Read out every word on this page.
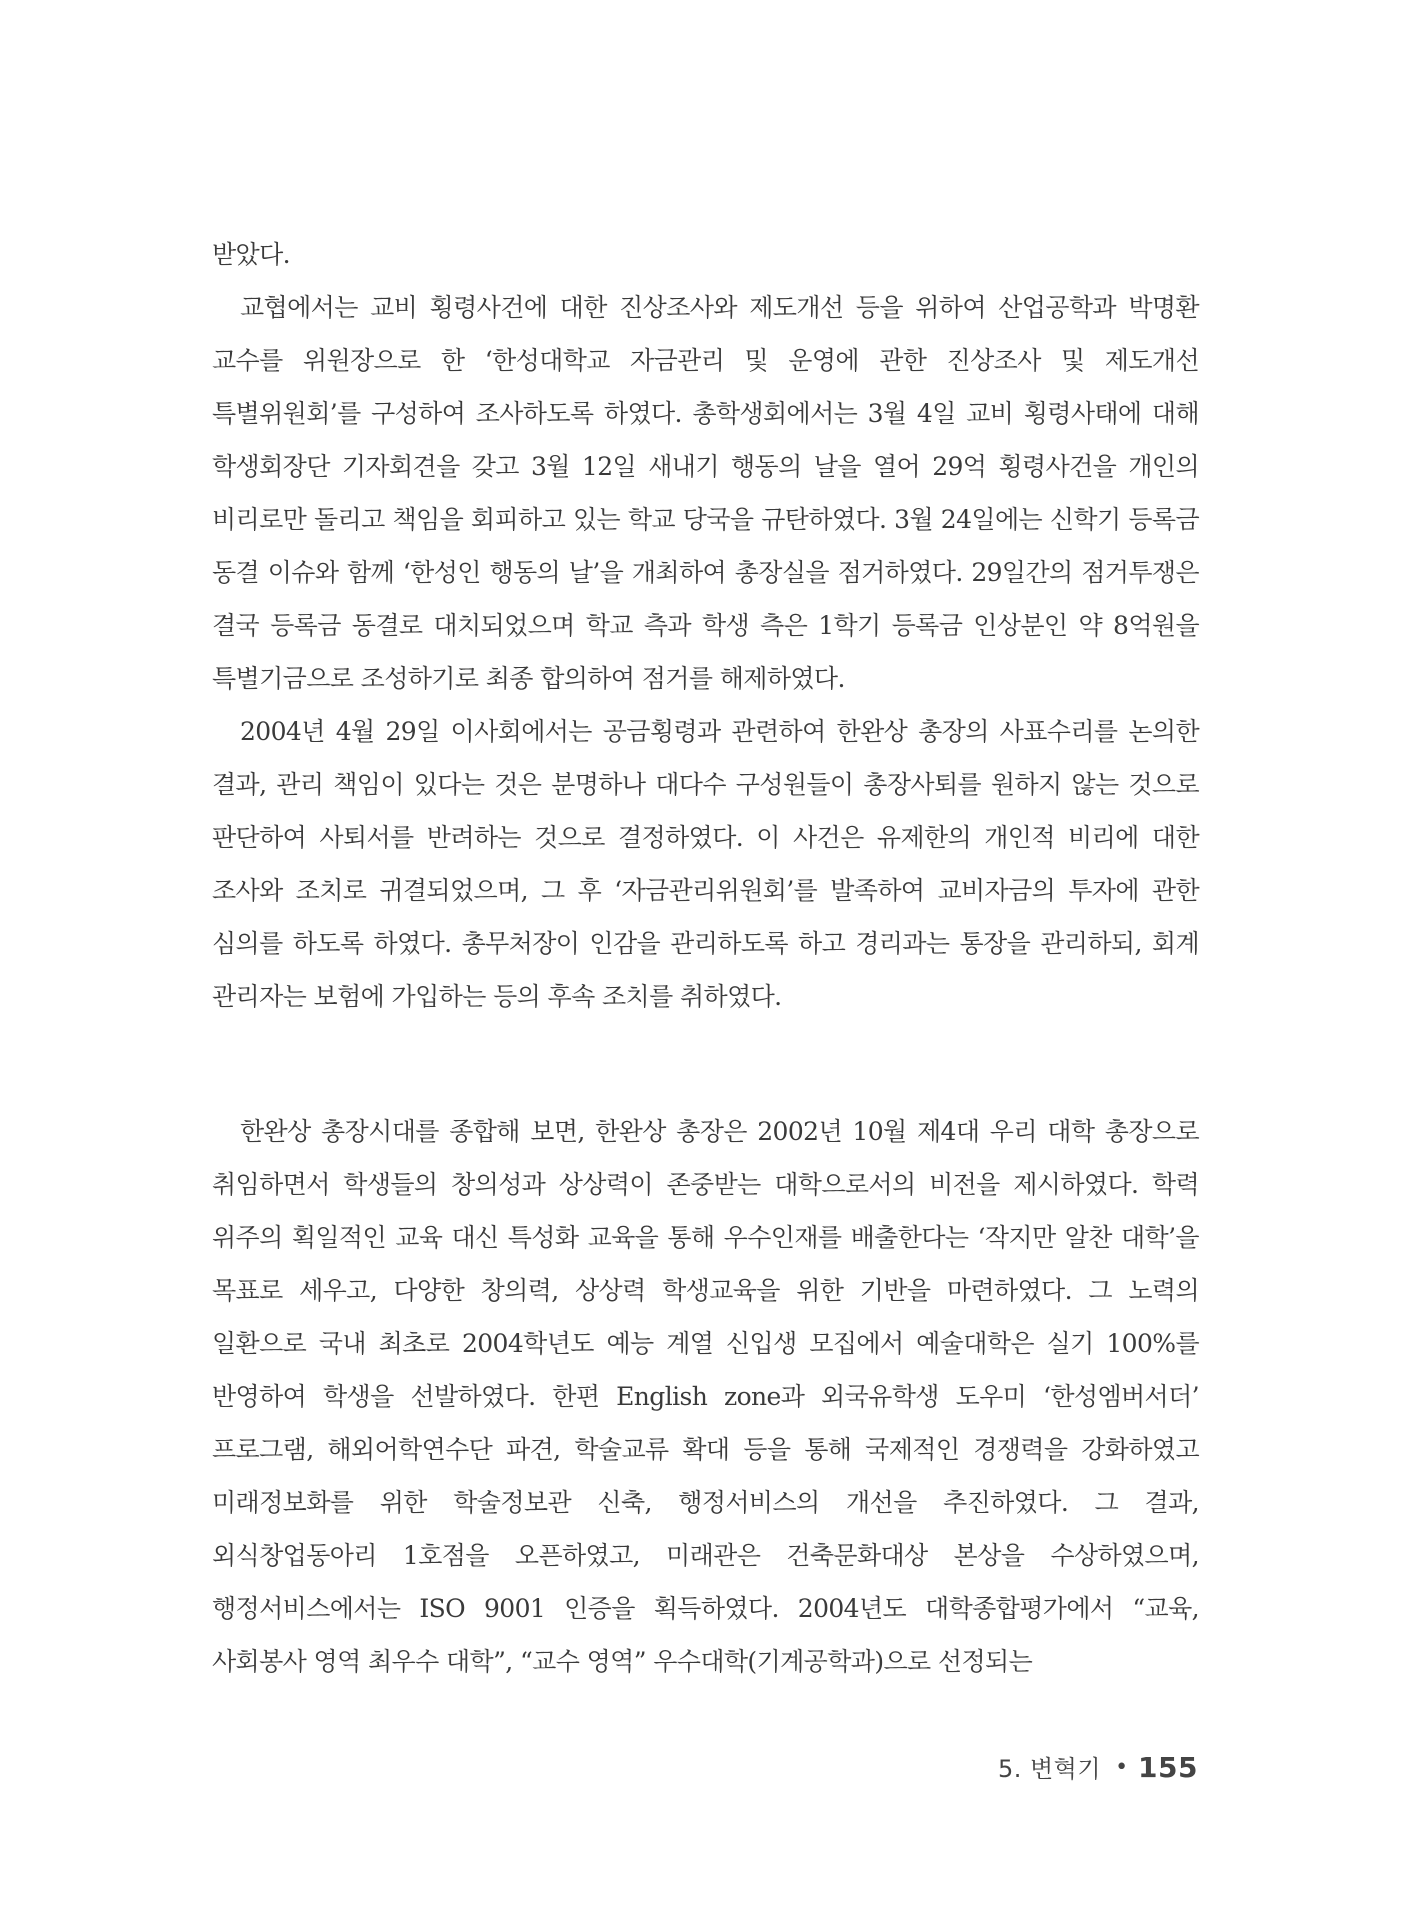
받았다.

교협에서는 교비 횡령사건에 대한 진상조사와 제도개선 등을 위하여 산업공학과 박명환 교수를 위원장으로 한 ‘한성대학교 자금관리 및 운영에 관한 진상조사 및 제도개선 특별위원회’를 구성하여 조사하도록 하였다. 총학생회에서는 3월 4일 교비 횡령사태에 대해 학생회장단 기자회견을 갖고 3월 12일 새내기 행동의 날을 열어 29억 횡령사건을 개인의 비리로만 돌리고 책임을 회피하고 있는 학교 당국을 규탄하였다. 3월 24일에는 신학기 등록금 동결 이슈와 함께 ‘한성인 행동의 날’을 개최하여 총장실을 점거하였다. 29일간의 점거투쟁은 결국 등록금 동결로 대치되었으며 학교 측과 학생 측은 1학기 등록금 인상분인 약 8억원을 특별기금으로 조성하기로 최종 합의하여 점거를 해제하였다.

2004년 4월 29일 이사회에서는 공금횡령과 관련하여 한완상 총장의 사표수리를 논의한 결과, 관리 책임이 있다는 것은 분명하나 대다수 구성원들이 총장사퇴를 원하지 않는 것으로 판단하여 사퇴서를 반려하는 것으로 결정하였다. 이 사건은 유제한의 개인적 비리에 대한 조사와 조치로 귀결되었으며, 그 후 ‘자금관리위원회’를 발족하여 교비자금의 투자에 관한 심의를 하도록 하였다. 총무처장이 인감을 관리하도록 하고 경리과는 통장을 관리하되, 회계 관리자는 보험에 가입하는 등의 후속 조치를 취하였다.

한완상 총장시대를 종합해 보면, 한완상 총장은 2002년 10월 제4대 우리 대학 총장으로 취임하면서 학생들의 창의성과 상상력이 존중받는 대학으로서의 비전을 제시하였다. 학력 위주의 획일적인 교육 대신 특성화 교육을 통해 우수인재를 배출한다는 ‘작지만 알찬 대학’을 목표로 세우고, 다양한 창의력, 상상력 학생교육을 위한 기반을 마련하였다. 그 노력의 일환으로 국내 최초로 2004학년도 예능 계열 신입생 모집에서 예술대학은 실기 100%를 반영하여 학생을 선발하였다. 한편 English zone과 외국유학생 도우미 ‘한성엠버서더’ 프로그램, 해외어학연수단 파견, 학술교류 확대 등을 통해 국제적인 경쟁력을 강화하였고 미래정보화를 위한 학술정보관 신축, 행정서비스의 개선을 추진하였다. 그 결과, 외식창업동아리 1호점을 오픈하였고, 미래관은 건축문화대상 본상을 수상하였으며, 행정서비스에서는 ISO 9001 인증을 획득하였다. 2004년도 대학종합평가에서 “교육, 사회봉사 영역 최우수 대학”, “교수 영역” 우수대학(기계공학과)으로 선정되는

5. 변혁기 • 155
